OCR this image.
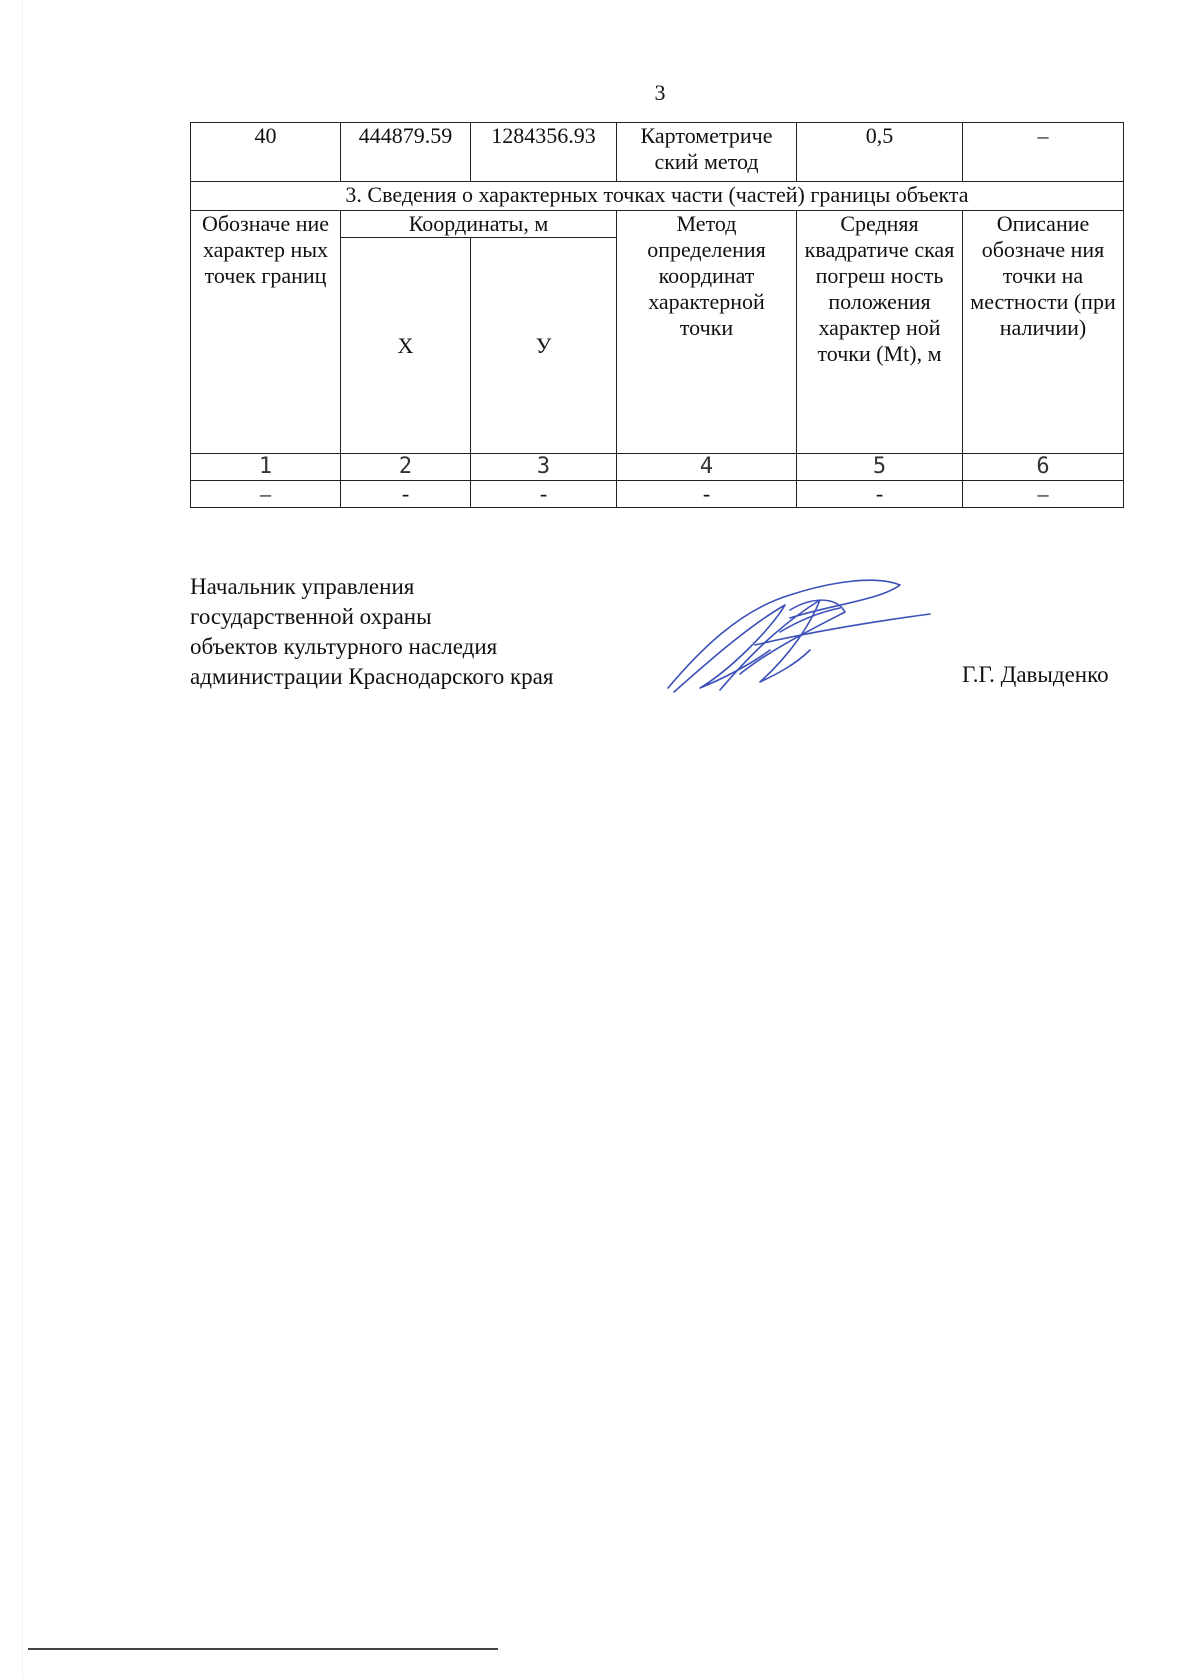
3
40	444879.59	1284356.93	Картометриче ский метод	0,5	–
3. Сведения о характерных точках части (частей) границы объекта					
Обозначе ние характер ных точек границ	Координаты, м		Метод определения координат характерной точки	Средняя квадратиче ская погреш ность положения характер ной точки (Mt), м	Описание обозначе ния точки на местности (при наличии)
	Х	У			
1	2	3	4	5	6
–	-	-	-	-	–
Начальник управления
государственной охраны
объектов культурного наследия
администрации Краснодарского края	Г.Г. Давыденко
